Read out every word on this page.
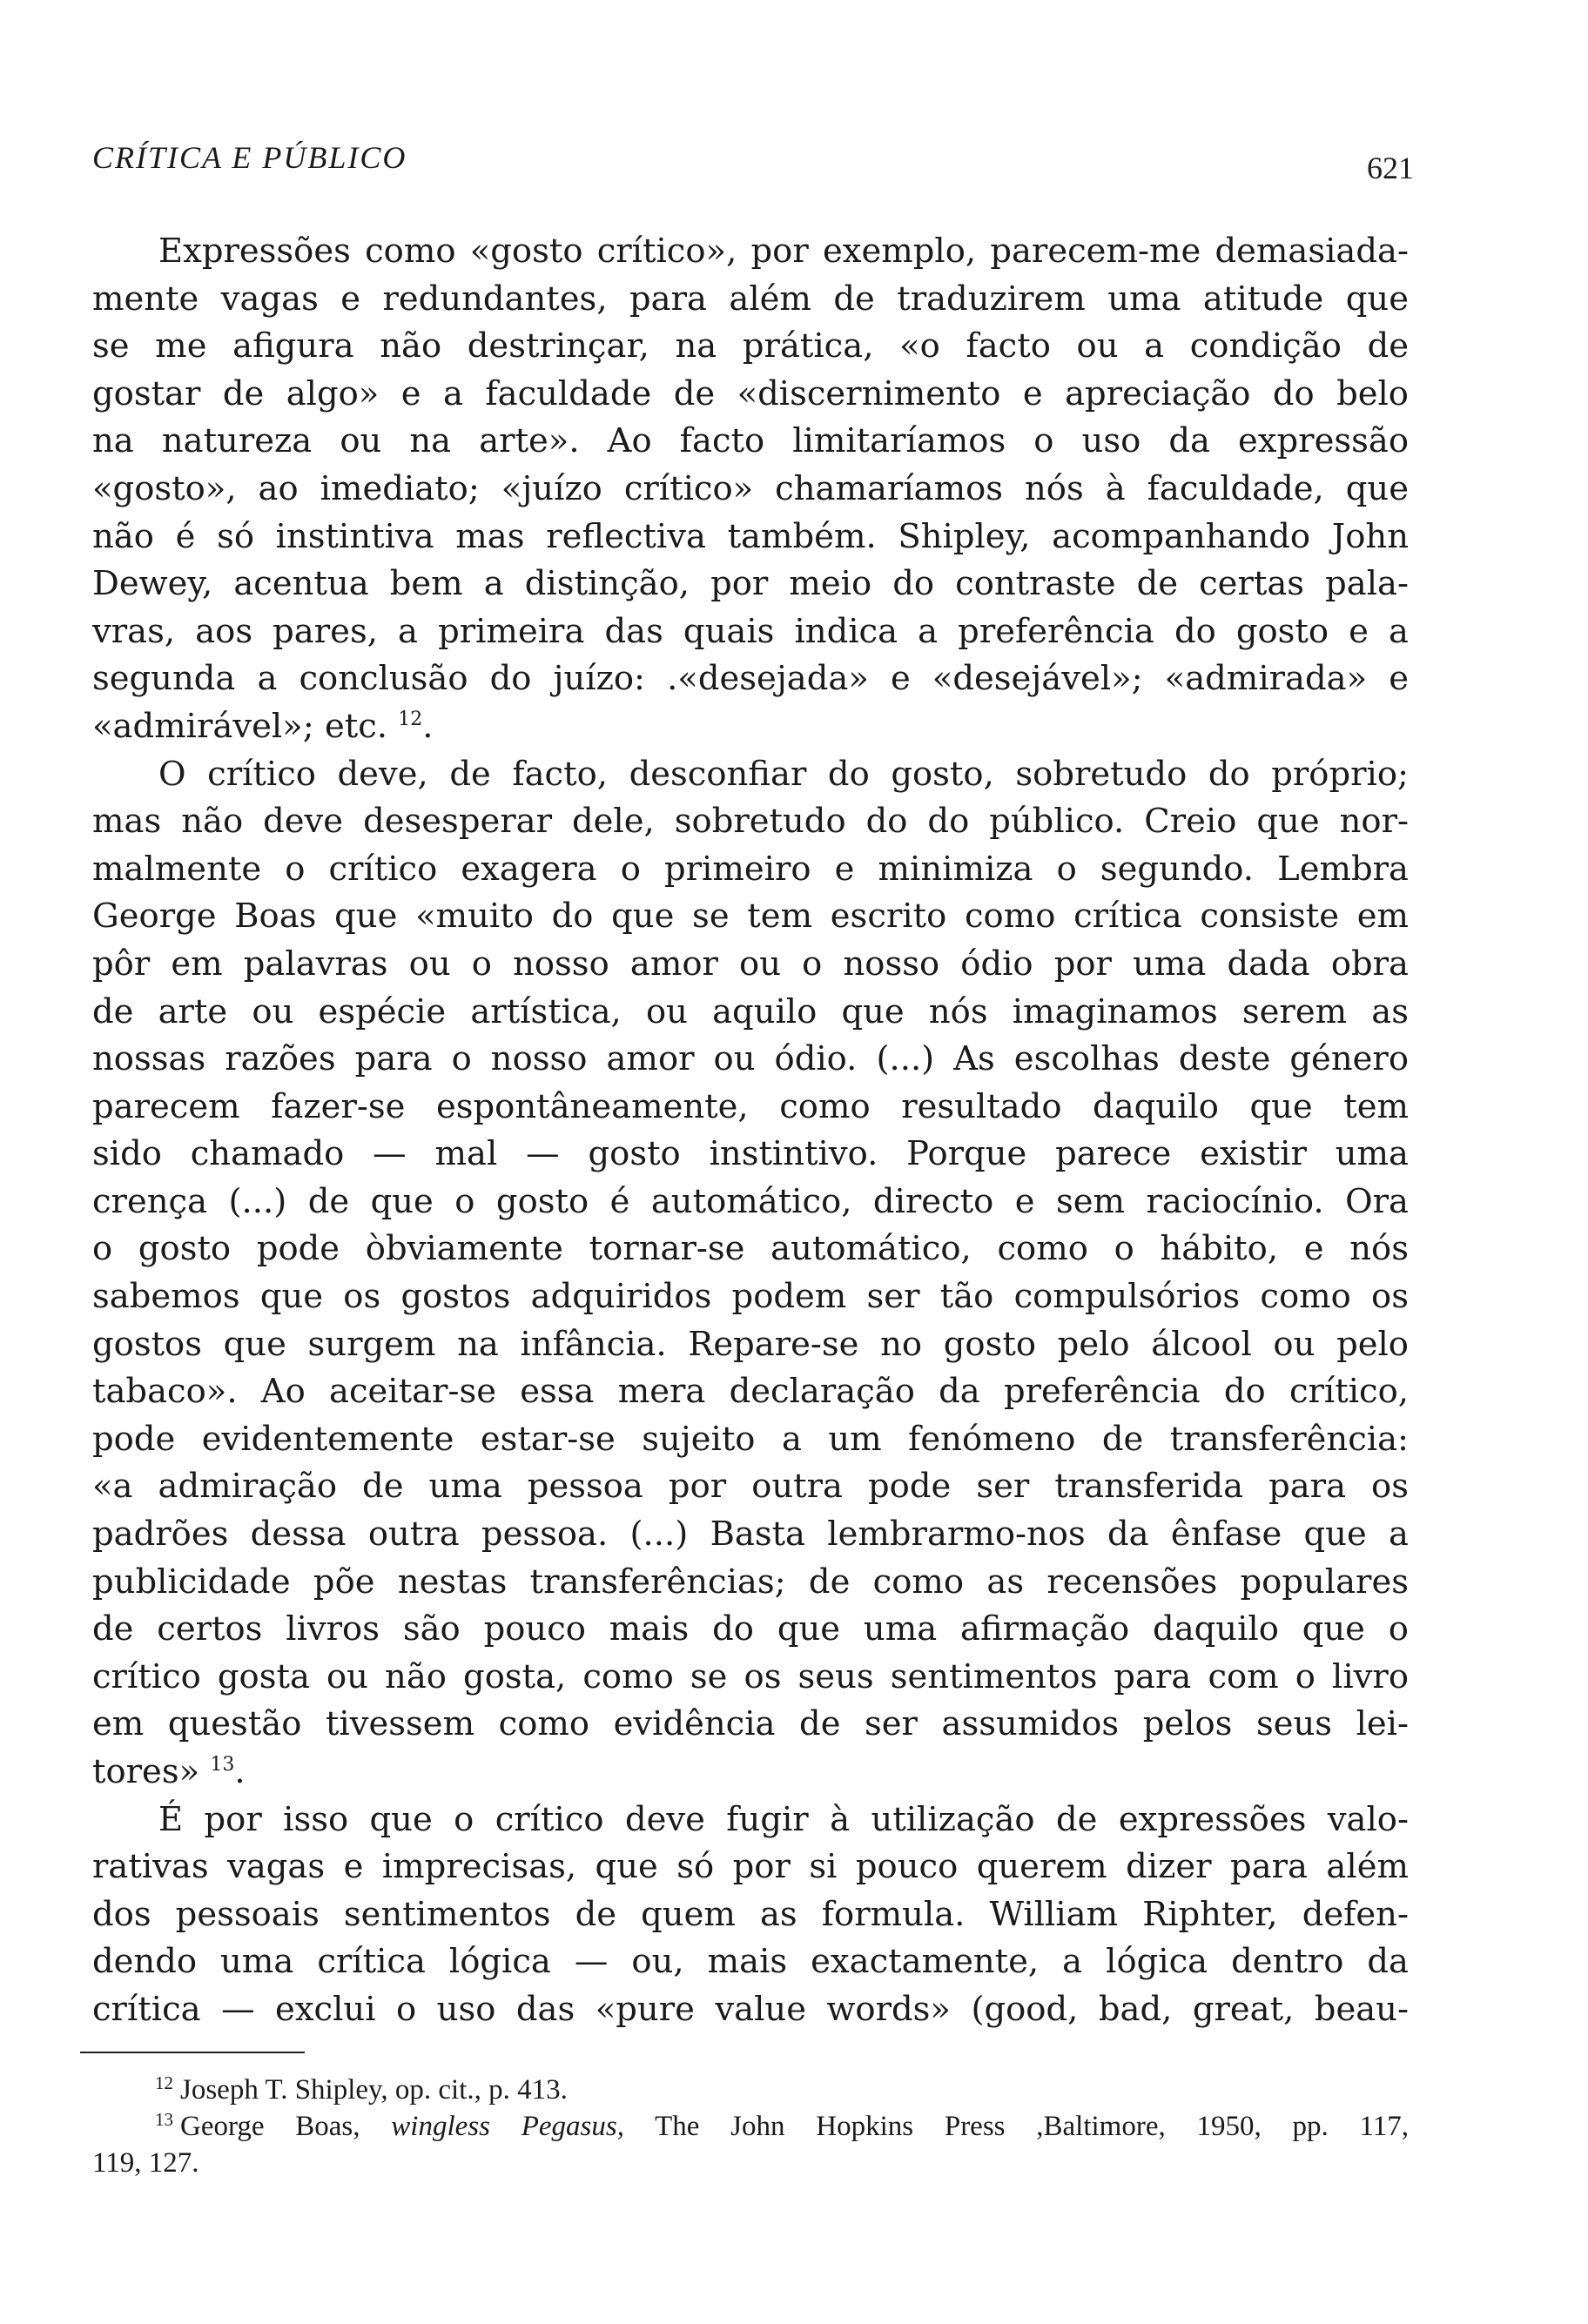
CRÍTICA E PÚBLICO	621
Expressões como «gosto crítico», por exemplo, parecem-me demasiada-
mente vagas e redundantes, para além de traduzirem uma atitude que
se me afigura não destrinçar, na prática, «o facto ou a condição de
gostar de algo» e a faculdade de «discernimento e apreciação do belo
na natureza ou na arte». Ao facto limitaríamos o uso da expressão
«gosto», ao imediato; «juízo crítico» chamaríamos nós à faculdade, que
não é só instintiva mas reflectiva também. Shipley, acompanhando John
Dewey, acentua bem a distinção, por meio do contraste de certas pala-
vras, aos pares, a primeira das quais indica a preferência do gosto e a
segunda a conclusão do juízo: .«desejada» e «desejável»; «admirada» e
«admirável»; etc. $^{12}$.
O crítico deve, de facto, desconfiar do gosto, sobretudo do próprio;
mas não deve desesperar dele, sobretudo do do público. Creio que nor-
malmente o crítico exagera o primeiro e minimiza o segundo. Lembra
George Boas que «muito do que se tem escrito como crítica consiste em
pôr em palavras ou o nosso amor ou o nosso ódio por uma dada obra
de arte ou espécie artística, ou aquilo que nós imaginamos serem as
nossas razões para o nosso amor ou ódio. (...) As escolhas deste género
parecem fazer-se espontâneamente, como resultado daquilo que tem
sido chamado — mal — gosto instintivo. Porque parece existir uma
crença (...) de que o gosto é automático, directo e sem raciocínio. Ora
o gosto pode òbviamente tornar-se automático, como o hábito, e nós
sabemos que os gostos adquiridos podem ser tão compulsórios como os
gostos que surgem na infância. Repare-se no gosto pelo álcool ou pelo
tabaco». Ao aceitar-se essa mera declaração da preferência do crítico,
pode evidentemente estar-se sujeito a um fenómeno de transferência:
«a admiração de uma pessoa por outra pode ser transferida para os
padrões dessa outra pessoa. (...) Basta lembrarmo-nos da ênfase que a
publicidade põe nestas transferências; de como as recensões populares
de certos livros são pouco mais do que uma afirmação daquilo que o
crítico gosta ou não gosta, como se os seus sentimentos para com o livro
em questão tivessem como evidência de ser assumidos pelos seus lei-
tores» $^{13}$.
É por isso que o crítico deve fugir à utilização de expressões valo-
rativas vagas e imprecisas, que só por si pouco querem dizer para além
dos pessoais sentimentos de quem as formula. William Riphter, defen-
dendo uma crítica lógica — ou, mais exactamente, a lógica dentro da
crítica — exclui o uso das «pure value words» (good, bad, great, beau-
$^{12}$ Joseph T. Shipley, op. cit., p. 413.
$^{13}$ George Boas, wingless Pegasus, The John Hopkins Press ,Baltimore, 1950, pp. 117,
119, 127.
